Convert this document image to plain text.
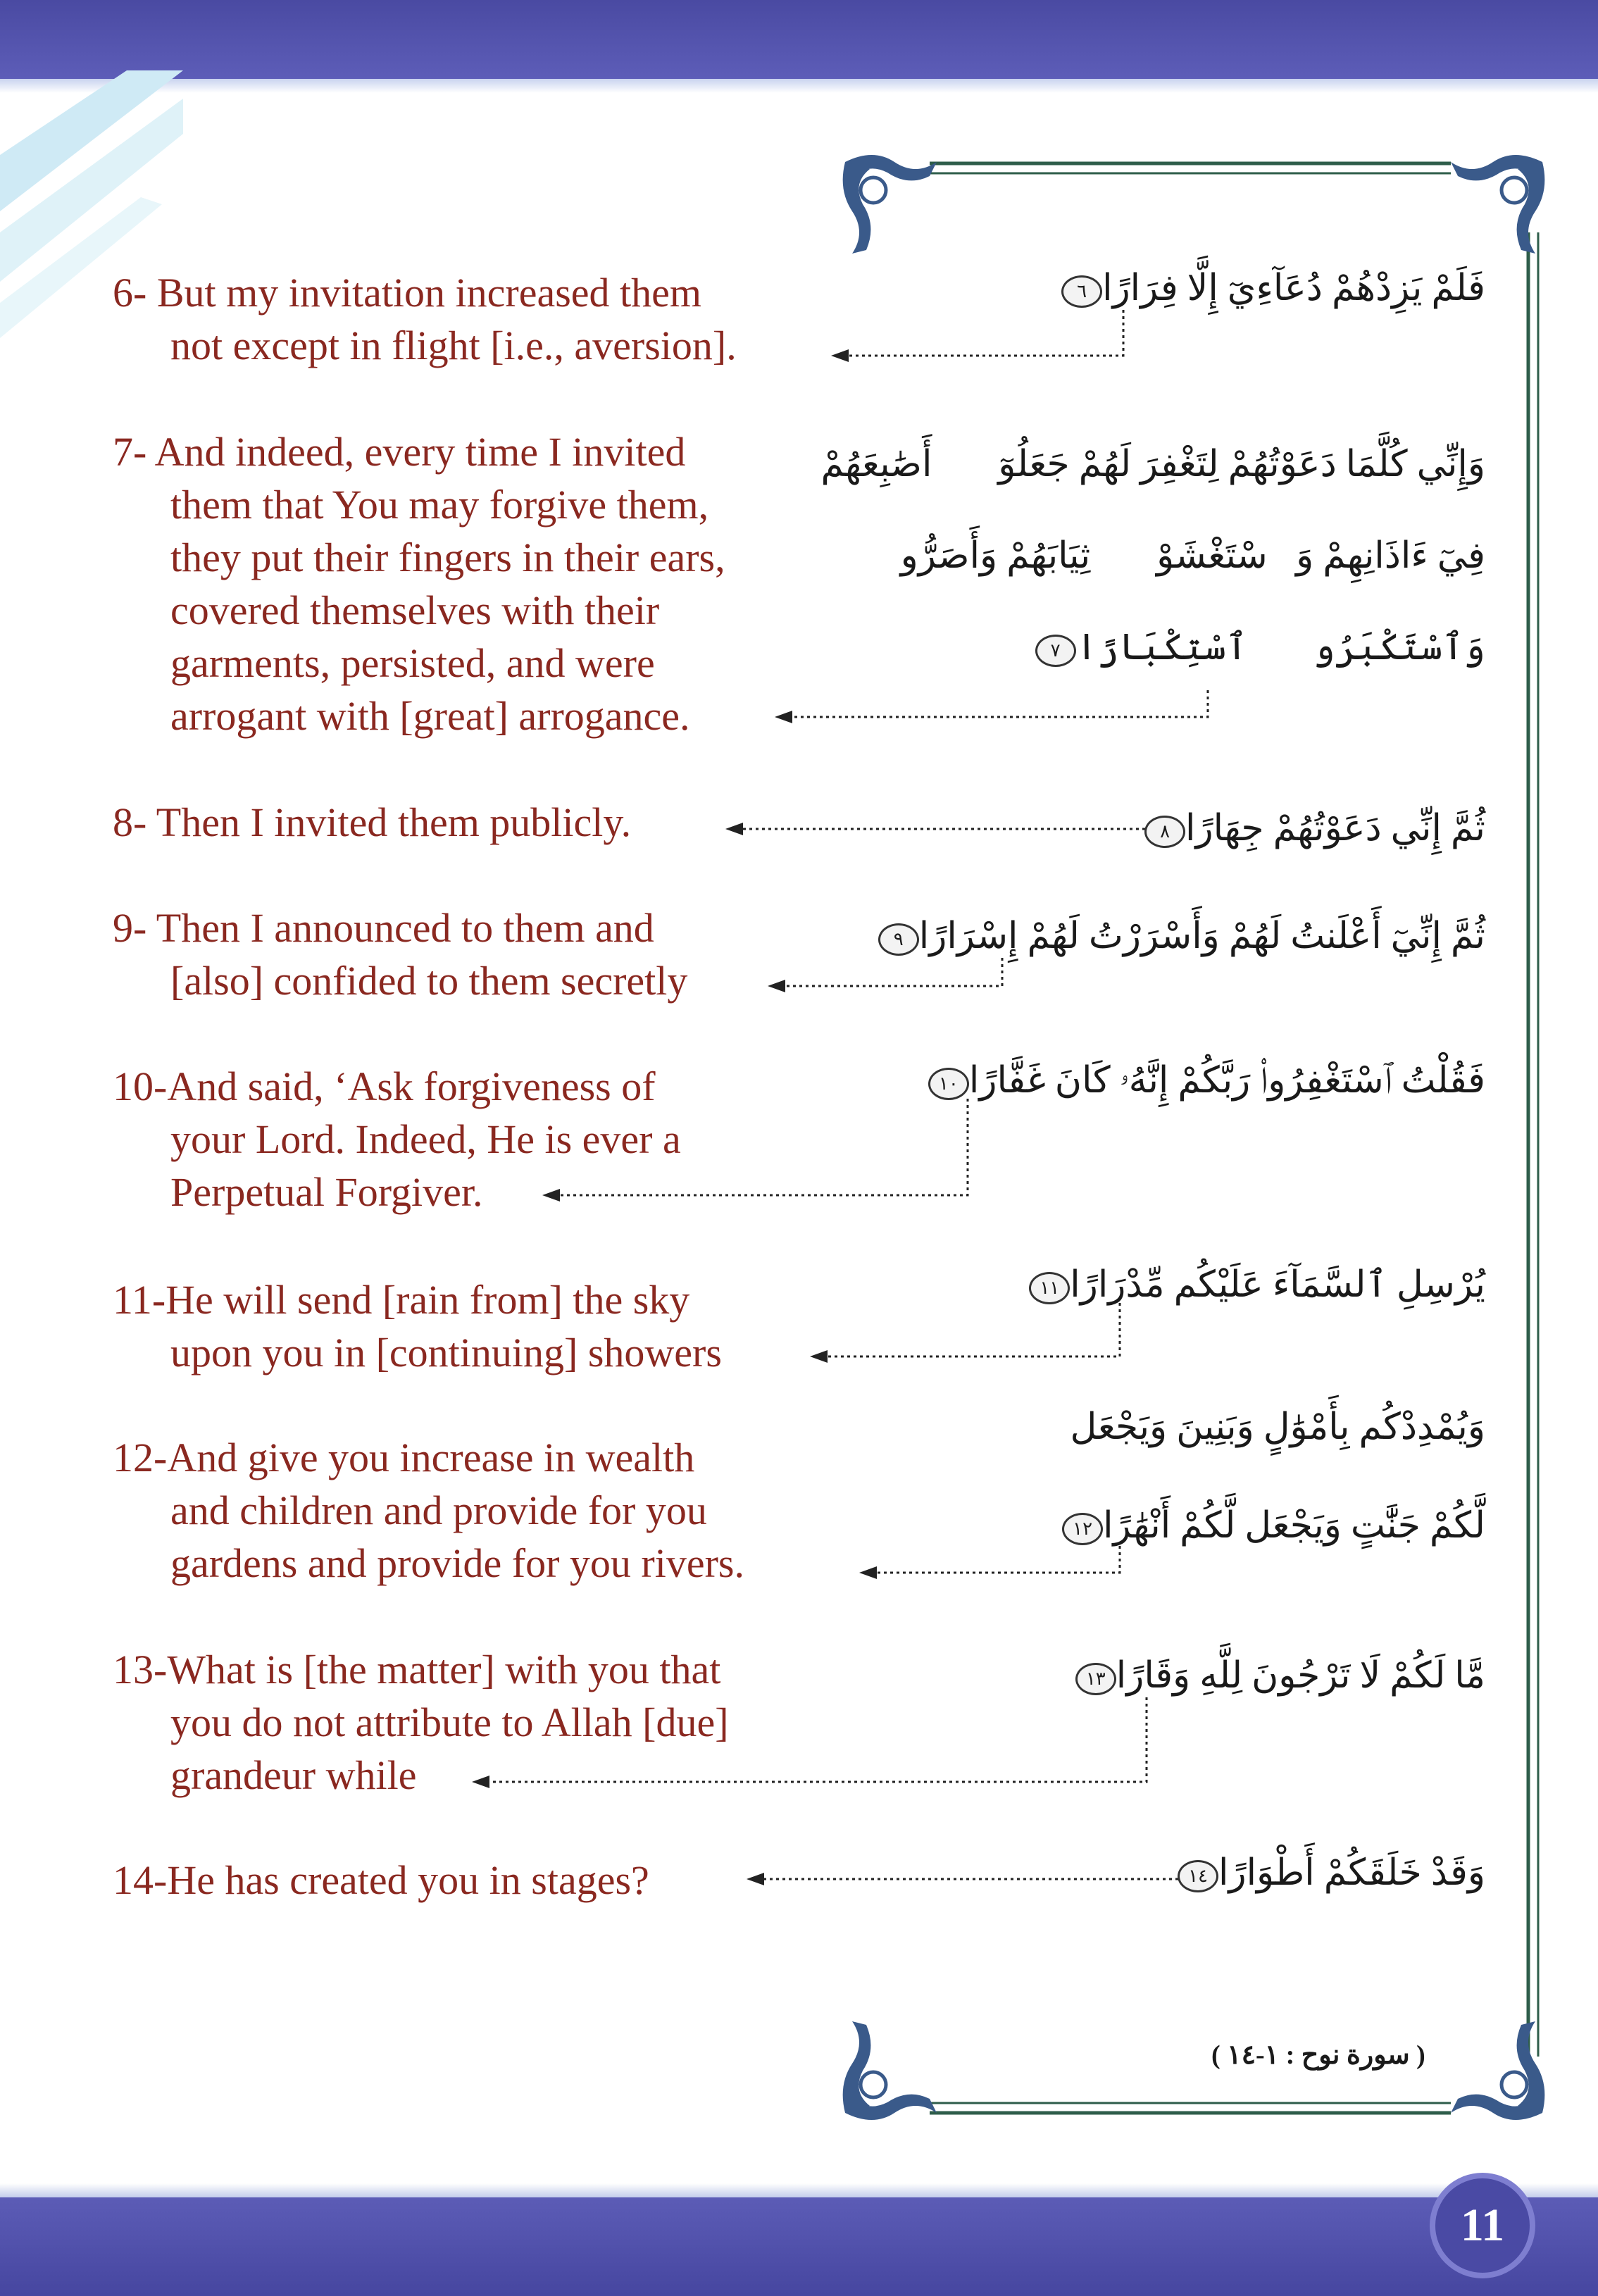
11
6- But my invitation increased them
not except in flight [i.e., aversion].
7- And indeed, every time I invited
them that You may forgive them,
they put their fingers in their ears,
covered themselves with their
garments, persisted, and were
arrogant with [great] arrogance.
8- Then I invited them publicly.
9- Then I announced to them and
[also] confided to them secretly
10-And said, ‘Ask forgiveness of
your Lord. Indeed, He is ever a
Perpetual Forgiver.
11-He will send [rain from] the sky
upon you in [continuing] showers
12-And give you increase in wealth
and children and provide for you
gardens and provide for you rivers.
13-What is [the matter] with you that
you do not attribute to Allah [due]
grandeur while
14-He has created you in stages?
فَلَمْ يَزِدْهُمْ دُعَآءِيٓ إِلَّا فِرَارًا٦
وَإِنِّي كُلَّمَا دَعَوْتُهُمْ لِتَغْفِرَ لَهُمْ جَعَلُوٓا۟ أَصَٰبِعَهُمْ
فِيٓ ءَاذَانِهِمْ وَٱسْتَغْشَوْا۟ ثِيَابَهُمْ وَأَصَرُّوا۟
وَٱسْتَكْبَرُوا۟ ٱسْتِكْبَارًا٧
ثُمَّ إِنِّي دَعَوْتُهُمْ جِهَارًا٨
ثُمَّ إِنِّيٓ أَعْلَنتُ لَهُمْ وَأَسْرَرْتُ لَهُمْ إِسْرَارًا٩
فَقُلْتُ ٱسْتَغْفِرُوا۟ رَبَّكُمْ إِنَّهُۥ كَانَ غَفَّارًا١٠
يُرْسِلِ ٱلسَّمَآءَ عَلَيْكُم مِّدْرَارًا١١
وَيُمْدِدْكُم بِأَمْوَٰلٍ وَبَنِينَ وَيَجْعَل
لَّكُمْ جَنَّٰتٍ وَيَجْعَل لَّكُمْ أَنْهَٰرًا١٢
مَّا لَكُمْ لَا تَرْجُونَ لِلَّهِ وَقَارًا١٣
وَقَدْ خَلَقَكُمْ أَطْوَارًا١٤
( سورة نوح : ١-١٤ )
